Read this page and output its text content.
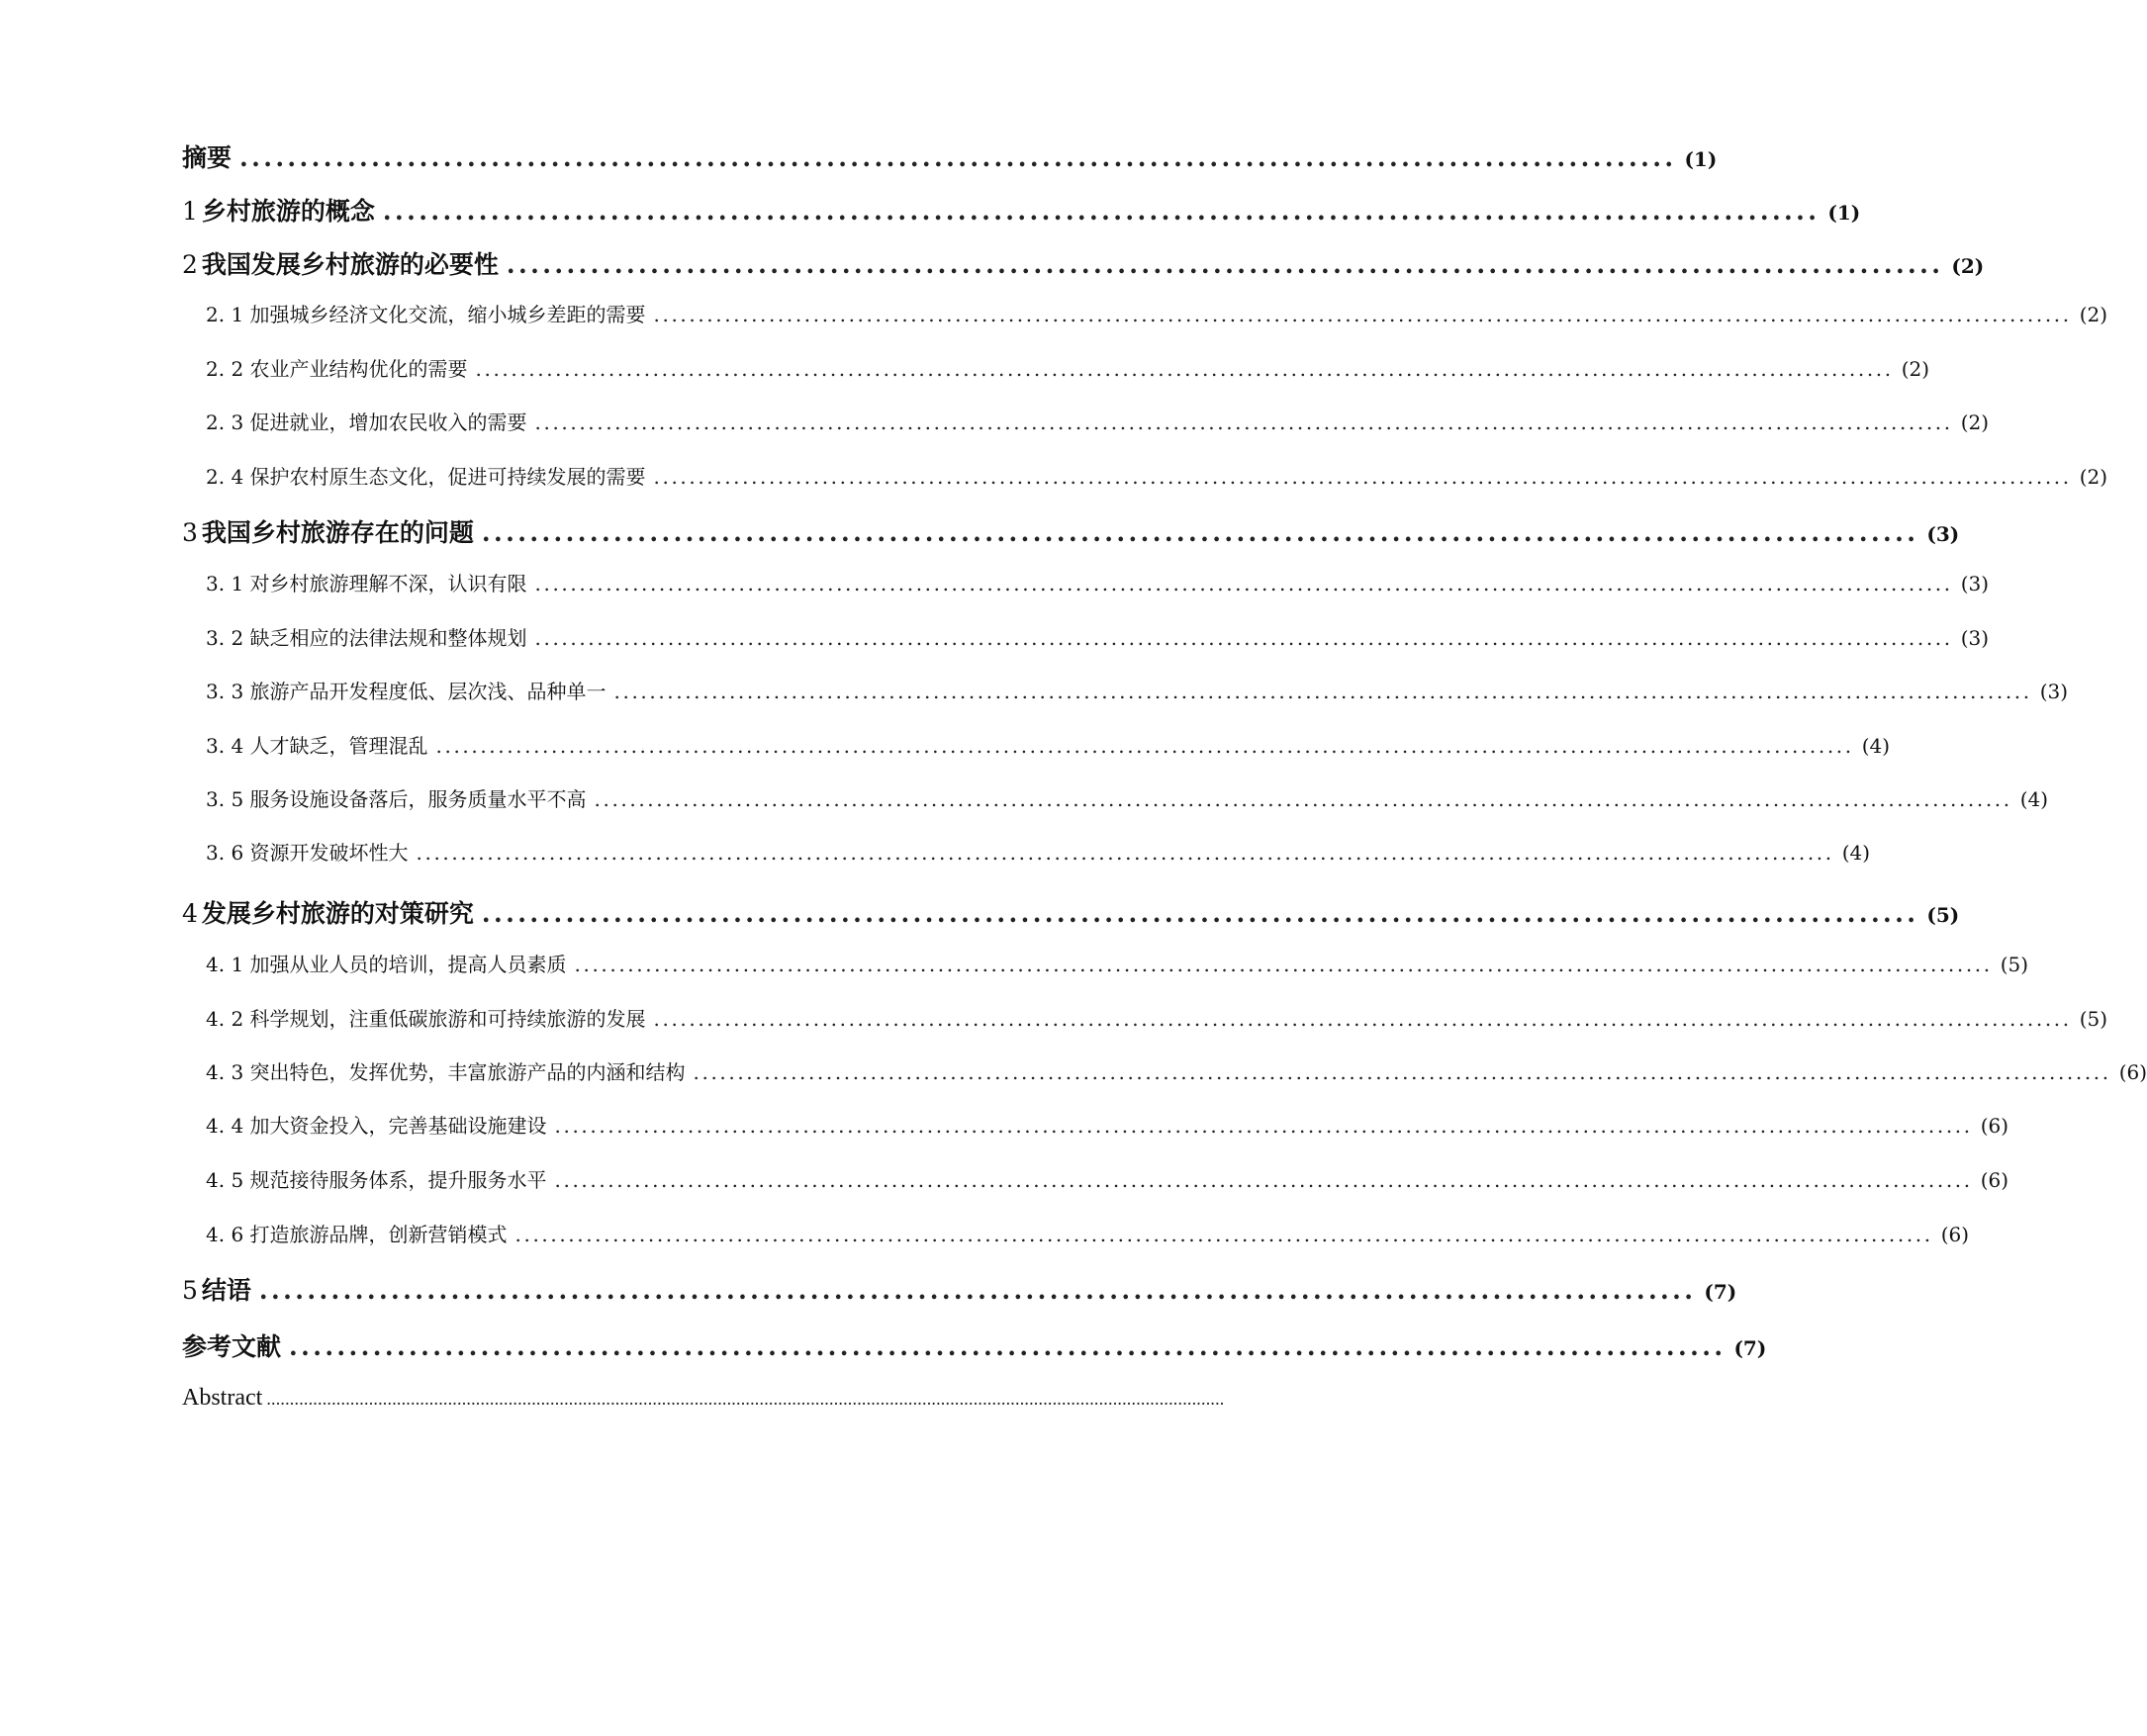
摘要 ........................................................................................................................ (1)
1 乡村旅游的概念 ........................................................................................................................ (1)
2 我国发展乡村旅游的必要性 ........................................................................................................................ (2)
2. 1 加强城乡经济文化交流，缩小城乡差距的需要 ................................................................................................................................................................ (2)
2. 2 农业产业结构优化的需要 ................................................................................................................................................................ (2)
2. 3 促进就业，增加农民收入的需要 ................................................................................................................................................................ (2)
2. 4 保护农村原生态文化，促进可持续发展的需要 ................................................................................................................................................................ (2)
3 我国乡村旅游存在的问题 ........................................................................................................................ (3)
3. 1 对乡村旅游理解不深，认识有限 ................................................................................................................................................................ (3)
3. 2 缺乏相应的法律法规和整体规划 ................................................................................................................................................................ (3)
3. 3 旅游产品开发程度低、层次浅、品种单一 ................................................................................................................................................................ (3)
3. 4 人才缺乏，管理混乱 ................................................................................................................................................................ (4)
3. 5 服务设施设备落后，服务质量水平不高 ................................................................................................................................................................ (4)
3. 6 资源开发破坏性大 ................................................................................................................................................................ (4)
4 发展乡村旅游的对策研究 ........................................................................................................................ (5)
4. 1 加强从业人员的培训，提高人员素质 ................................................................................................................................................................ (5)
4. 2 科学规划，注重低碳旅游和可持续旅游的发展 ................................................................................................................................................................ (5)
4. 3 突出特色，发挥优势，丰富旅游产品的内涵和结构 ................................................................................................................................................................ (6)
4. 4 加大资金投入，完善基础设施建设 ................................................................................................................................................................ (6)
4. 5 规范接待服务体系，提升服务水平 ................................................................................................................................................................ (6)
4. 6 打造旅游品牌，创新营销模式 ................................................................................................................................................................ (6)
5 结语 ........................................................................................................................ (7)
参考文献 ........................................................................................................................ (7)
Abstract ..............................................................................................................................................................................................................
